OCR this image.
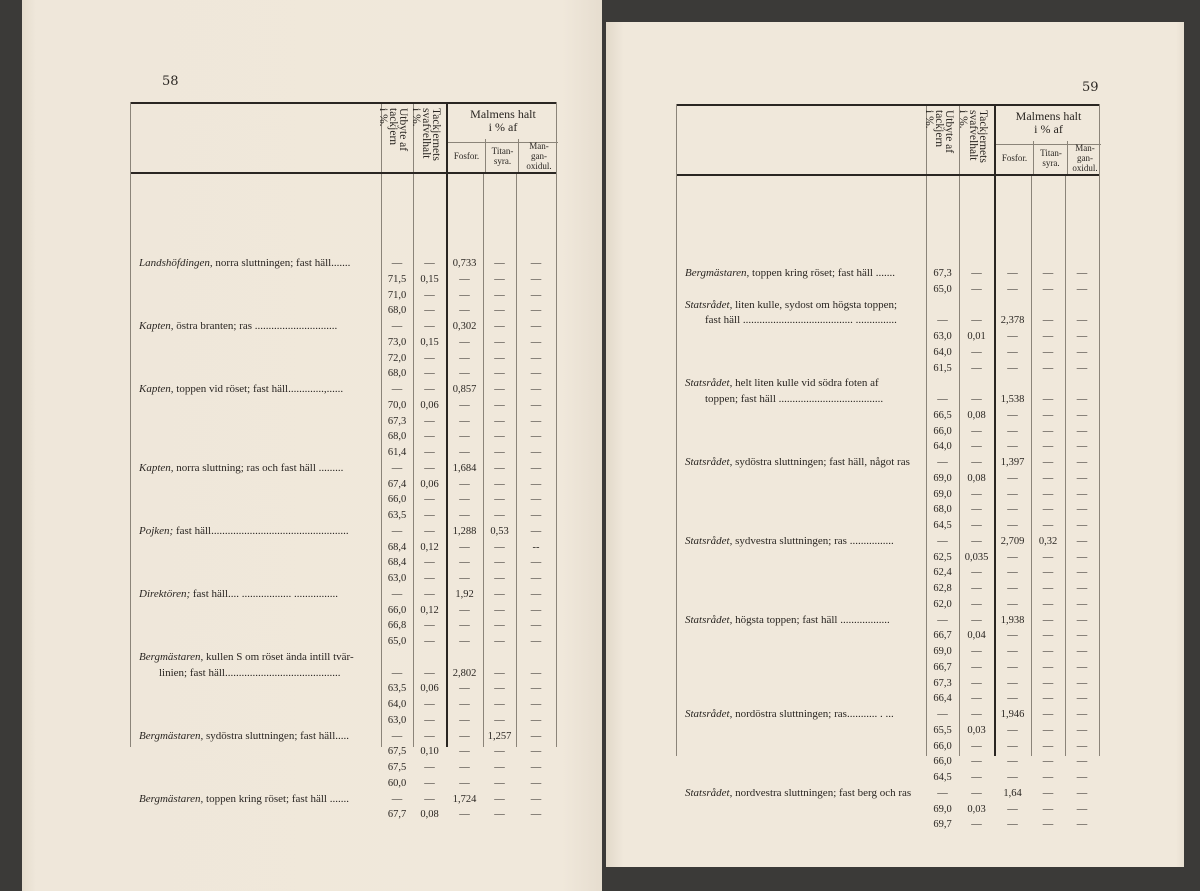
58	59
Utbyte af
tackjern
i %.	Tackjernets
svafvelhalt
i %.	Malmens halt
i % af
Fosfor.	Titan-
syra.
Man-
gan-
oxidul.
Landshöfdingen, norra sluttningen; fast häll.......	—	—	0,733	—	—
71,5	0,15	—	—	—
71,0	—	—	—	—
68,0	—	—	—	—
Kapten, östra branten; ras ..............................	—	—	0,302	—	—
73,0	0,15	—	—	—
72,0	—	—	—	—
68,0	—	—	—	—
Kapten, toppen vid röset; fast häll.............,......	—	—	0,857	—	—
70,0	0,06	—	—	—
67,3	—	—	—	—
68,0	—	—	—	—
61,4	—	—	—	—
Kapten, norra sluttning; ras och fast häll .........	—	—	1,684	—	—
67,4	0,06	—	—	—
66,0	—	—	—	—
63,5	—	—	—	—
Pojken; fast häll..................................................	—	—	1,288	0,53	—
68,4	0,12	—	—	--
68,4	—	—	—	—
63,0	—	—	—	—
Direktören; fast häll.... .................. ................	—	—	1,92	—	—
66,0	0,12	—	—	—
66,8	—	—	—	—
65,0	—	—	—	—
Bergmästaren, kullen S om röset ända intill tvär-
linien; fast häll..........................................	—	—	2,802	—	—
63,5	0,06	—	—	—
64,0	—	—	—	—
63,0	—	—	—	—
Bergmästaren, sydöstra sluttningen; fast häll.....	—	—	—	1,257	—
67,5	0,10	—	—	—
67,5	—	—	—	—
60,0	—	—	—	—
Bergmästaren, toppen kring röset; fast häll .......	—	—	1,724	—	—
67,7	0,08	—	—	—
Utbyte af
tackjern
i %.	Tackjernets
svafvelhalt
i %.	Malmens halt
i % af
Fosfor.	Titan-
syra.
Man-
gan-
oxidul.
Bergmästaren, toppen kring röset; fast häll .......	67,3	—	—	—	—
65,0	—	—	—	—
Statsrådet, liten kulle, sydost om högsta toppen;
fast häll ........................................ ...............	—	—	2,378	—	—
63,0	0,01	—	—	—
64,0	—	—	—	—
61,5	—	—	—	—
Statsrådet, helt liten kulle vid södra foten af
toppen; fast häll ......................................	—	—	1,538	—	—
66,5	0,08	—	—	—
66,0	—	—	—	—
64,0	—	—	—	—
Statsrådet, sydöstra sluttningen; fast häll, något ras	—	—	1,397	—	—
69,0	0,08	—	—	—
69,0	—	—	—	—
68,0	—	—	—	—
64,5	—	—	—	—
Statsrådet, sydvestra sluttningen; ras ................	—	—	2,709	0,32	—
62,5	0,035	—	—	—
62,4	—	—	—	—
62,8	—	—	—	—
62,0	—	—	—	—
Statsrådet, högsta toppen; fast häll ..................	—	—	1,938	—	—
66,7	0,04	—	—	—
69,0	—	—	—	—
66,7	—	—	—	—
67,3	—	—	—	—
66,4	—	—	—	—
Statsrådet, nordöstra sluttningen; ras........... . ...	—	—	1,946	—	—
65,5	0,03	—	—	—
66,0	—	—	—	—
66,0	—	—	—	—
64,5	—	—	—	—
Statsrådet, nordvestra sluttningen; fast berg och ras	—	—	1,64	—	—
69,0	0,03	—	—	—
69,7	—	—	—	—
